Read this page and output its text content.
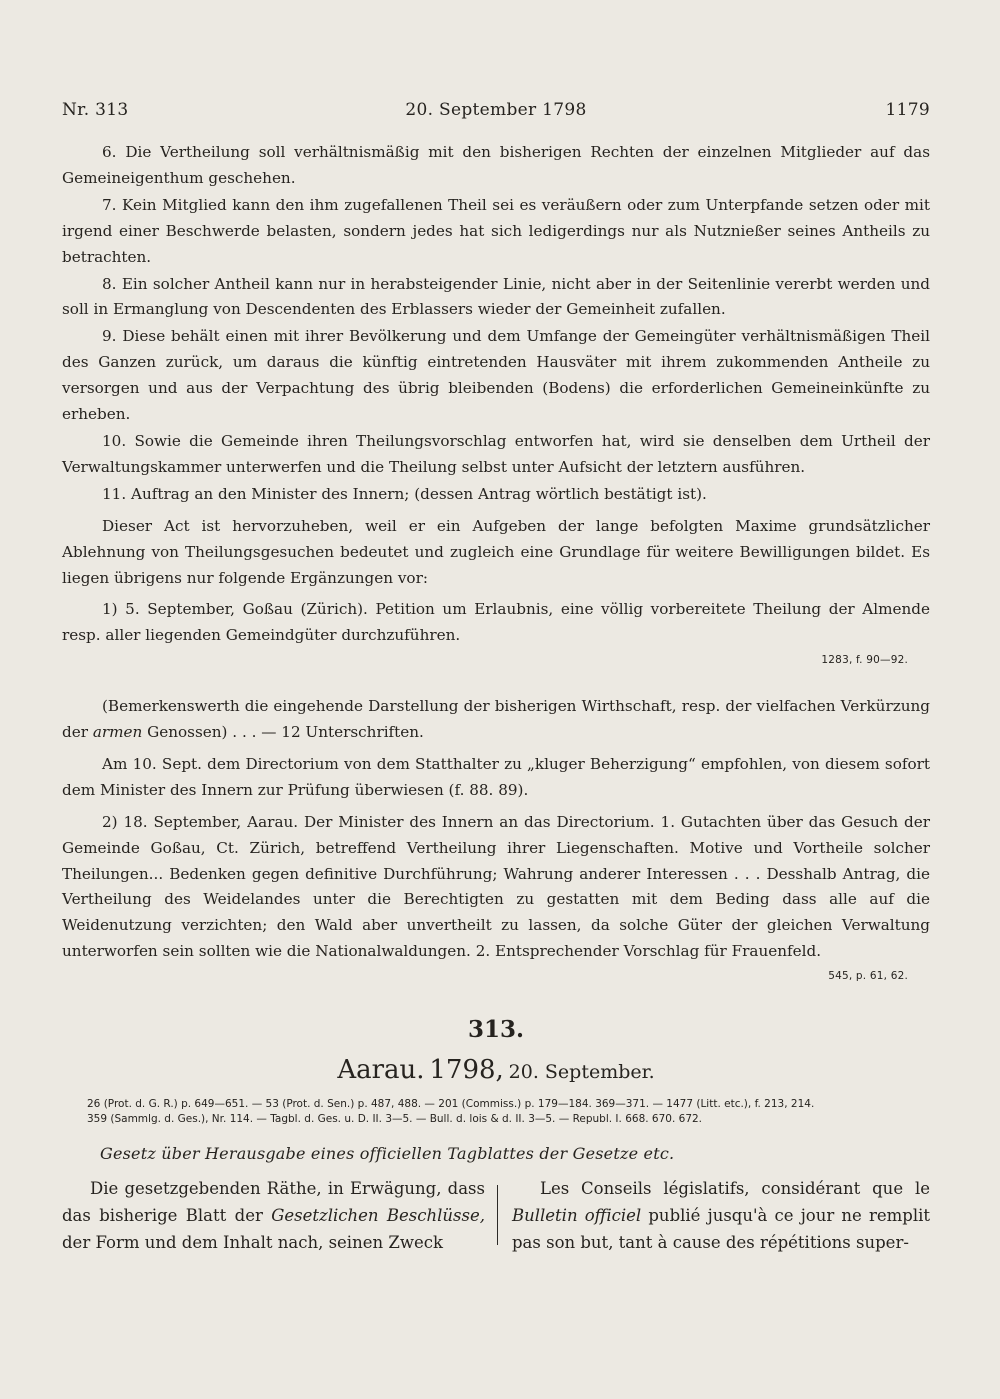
Nr. 313	20. September 1798	1179

6. Die Vertheilung soll verhältnismäßig mit den bisherigen Rechten der einzelnen Mitglieder auf das Gemeineigenthum geschehen.

7. Kein Mitglied kann den ihm zugefallenen Theil sei es veräußern oder zum Unterpfande setzen oder mit irgend einer Beschwerde belasten, sondern jedes hat sich ledigerdings nur als Nutznießer seines Antheils zu betrachten.

8. Ein solcher Antheil kann nur in herabsteigender Linie, nicht aber in der Seitenlinie vererbt werden und soll in Ermanglung von Descendenten des Erblassers wieder der Gemeinheit zufallen.

9. Diese behält einen mit ihrer Bevölkerung und dem Umfange der Gemeingüter verhältnismäßigen Theil des Ganzen zurück, um daraus die künftig eintretenden Hausväter mit ihrem zukommenden Antheile zu versorgen und aus der Verpachtung des übrig bleibenden (Bodens) die erforderlichen Gemeineinkünfte zu erheben.

10. Sowie die Gemeinde ihren Theilungsvorschlag entworfen hat, wird sie denselben dem Urtheil der Verwaltungskammer unterwerfen und die Theilung selbst unter Aufsicht der letztern ausführen.

11. Auftrag an den Minister des Innern; (dessen Antrag wörtlich bestätigt ist).

Dieser Act ist hervorzuheben, weil er ein Aufgeben der lange befolgten Maxime grundsätzlicher Ablehnung von Theilungsgesuchen bedeutet und zugleich eine Grundlage für weitere Bewilligungen bildet. Es liegen übrigens nur folgende Ergänzungen vor:

1) 5. September, Goßau (Zürich). Petition um Erlaubnis, eine völlig vorbereitete Theilung der Almende resp. aller liegenden Gemeindgüter durchzuführen.

1283, f. 90—92.

(Bemerkenswerth die eingehende Darstellung der bisherigen Wirthschaft, resp. der vielfachen Verkürzung der armen Genossen) . . . — 12 Unterschriften.

Am 10. Sept. dem Directorium von dem Statthalter zu „kluger Beherzigung“ empfohlen, von diesem sofort dem Minister des Innern zur Prüfung überwiesen (f. 88. 89).

2) 18. September, Aarau. Der Minister des Innern an das Directorium. 1. Gutachten über das Gesuch der Gemeinde Goßau, Ct. Zürich, betreffend Vertheilung ihrer Liegenschaften. Motive und Vortheile solcher Theilungen... Bedenken gegen definitive Durchführung; Wahrung anderer Interessen . . . Desshalb Antrag, die Vertheilung des Weidelandes unter die Berechtigten zu gestatten mit dem Beding dass alle auf die Weidenutzung verzichten; den Wald aber unvertheilt zu lassen, da solche Güter der gleichen Verwaltung unterworfen sein sollten wie die Nationalwaldungen. 2. Entsprechender Vorschlag für Frauenfeld.

545, p. 61, 62.
313.
Aarau. 1798, 20. September.
26 (Prot. d. G. R.) p. 649—651. — 53 (Prot. d. Sen.) p. 487, 488. — 201 (Commiss.) p. 179—184. 369—371. — 1477 (Litt. etc.), f. 213, 214.
359 (Sammlg. d. Ges.), Nr. 114. — Tagbl. d. Ges. u. D. II. 3—5. — Bull. d. lois & d. II. 3—5. — Republ. I. 668. 670. 672.
Gesetz über Herausgabe eines officiellen Tagblattes der Gesetze etc.

Die gesetzgebenden Räthe, in Erwägung, dass das bisherige Blatt der Gesetzlichen Beschlüsse, der Form und dem Inhalt nach, seinen Zweck

Les Conseils législatifs, considérant que le Bulletin officiel publié jusqu'à ce jour ne remplit pas son but, tant à cause des répétitions super-
